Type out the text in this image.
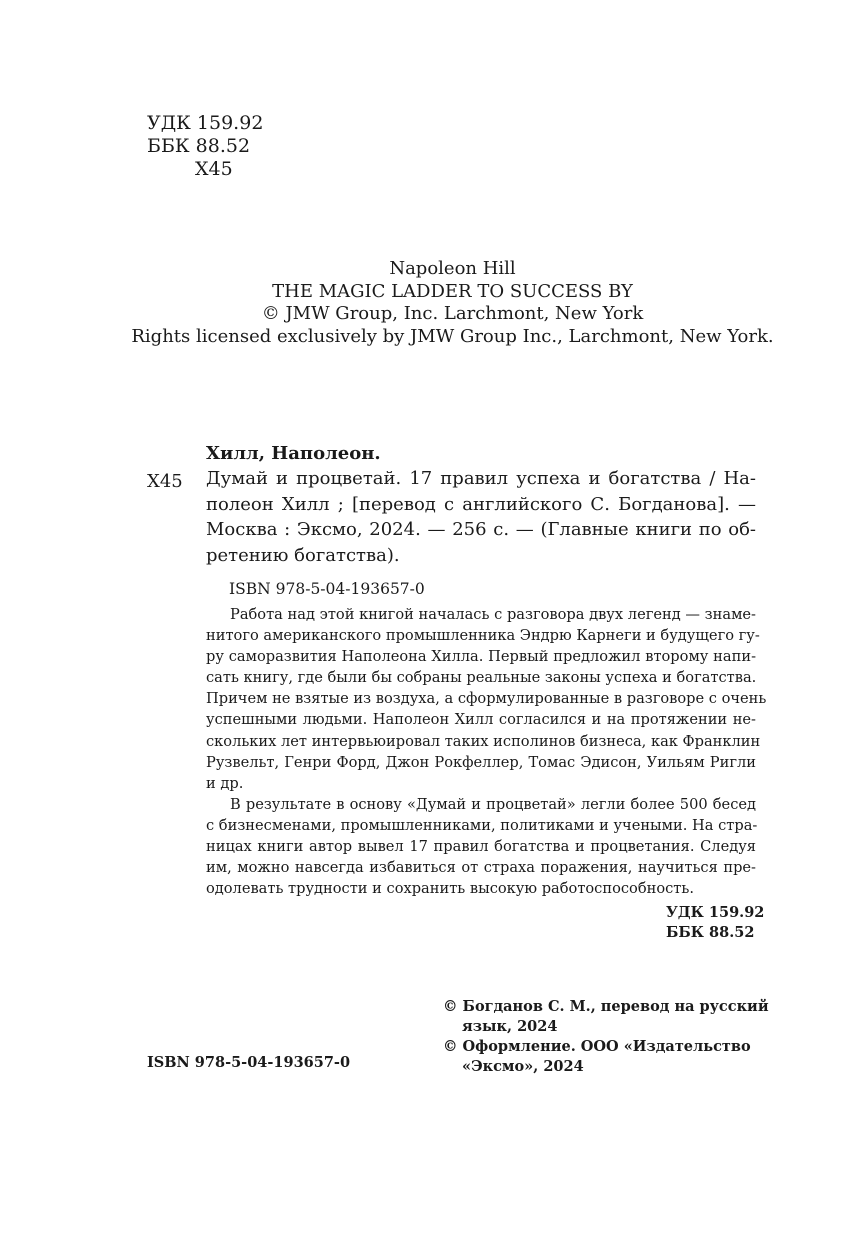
УДК 159.92
ББК 88.52
Х45
Napoleon Hill
THE MAGIC LADDER TO SUCCESS BY
© JMW Group, Inc. Larchmont, New York
Rights licensed exclusively by JMW Group Inc., Larchmont, New York.
Хилл, Наполеон.
Х45 Думай и процветай. 17 правил успеха и богатства / На-
полеон Хилл ; [перевод с английского С. Богданова]. —
Москва : Эксмо, 2024. — 256 с. — (Главные книги по об-
ретению богатства).
ISBN 978-5-04-193657-0
Работа над этой книгой началась с разговора двух легенд — знаме-
нитого американского промышленника Эндрю Карнеги и будущего гу-
ру саморазвития Наполеона Хилла. Первый предложил второму напи-
сать книгу, где были бы собраны реальные законы успеха и богатства.
Причем не взятые из воздуха, а сформулированные в разговоре с очень
успешными людьми. Наполеон Хилл согласился и на протяжении не-
скольких лет интервьюировал таких исполинов бизнеса, как Франклин
Рузвельт, Генри Форд, Джон Рокфеллер, Томас Эдисон, Уильям Ригли
и др.
В результате в основу «Думай и процветай» легли более 500 бесед
с бизнесменами, промышленниками, политиками и учеными. На стра-
ницах книги автор вывел 17 правил богатства и процветания. Следуя
им, можно навсегда избавиться от страха поражения, научиться пре-
одолевать трудности и сохранить высокую работоспособность.
УДК 159.92
ББК 88.52
© Богданов С. М., перевод на русский
язык, 2024
© Оформление. ООО «Издательство
«Эксмо», 2024
ISBN 978-5-04-193657-0
